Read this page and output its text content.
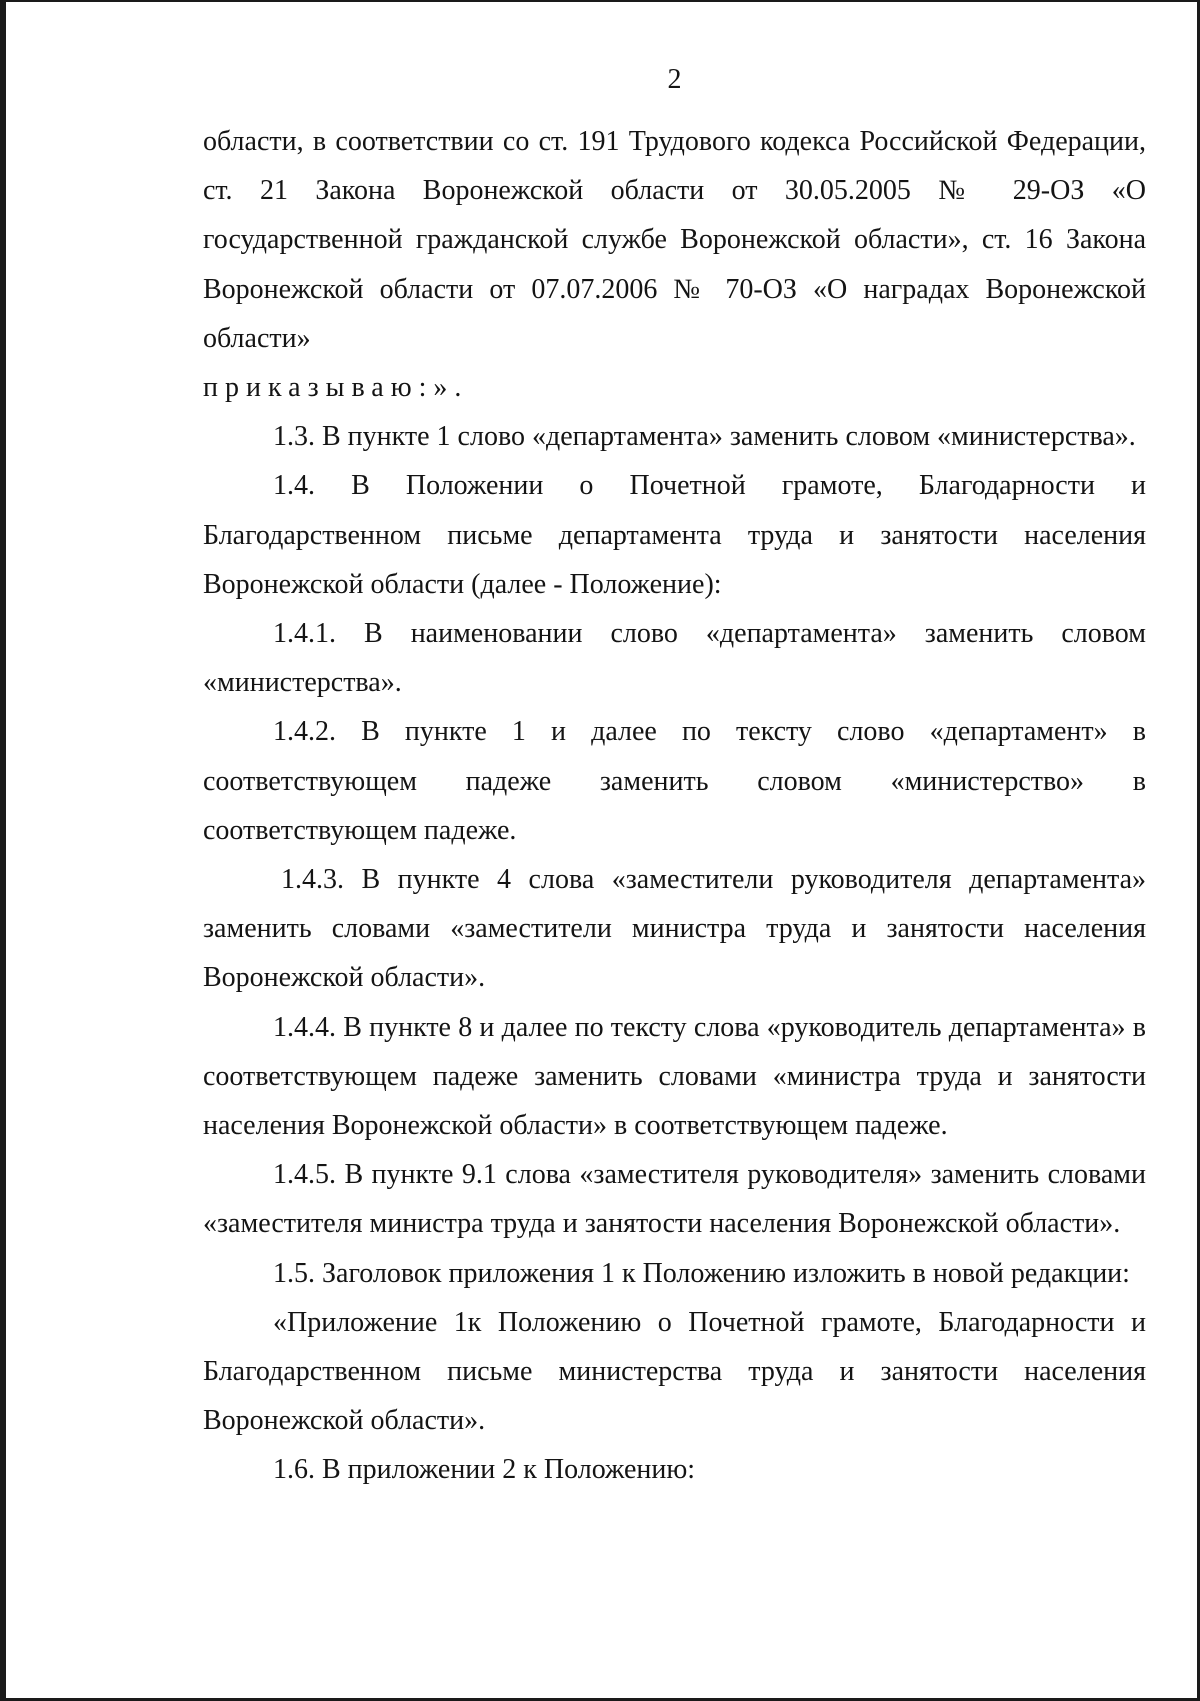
2

области, в соответствии со ст. 191 Трудового кодекса Российской Федерации, ст. 21 Закона Воронежской области от 30.05.2005 № 29-ОЗ «О государственной гражданской службе Воронежской области», ст. 16 Закона Воронежской области от 07.07.2006 № 70-ОЗ «О наградах Воронежской области»

приказываю:».

1.3. В пункте 1 слово «департамента» заменить словом «министерства».

1.4. В Положении о Почетной грамоте, Благодарности и Благодарственном письме департамента труда и занятости населения Воронежской области (далее - Положение):

1.4.1. В наименовании слово «департамента» заменить словом «министерства».

1.4.2. В пункте 1 и далее по тексту слово «департамент» в соответствующем падеже заменить словом «министерство» в соответствующем падеже.

1.4.3. В пункте 4 слова «заместители руководителя департамента» заменить словами «заместители министра труда и занятости населения Воронежской области».

1.4.4. В пункте 8 и далее по тексту слова «руководитель департамента» в соответствующем падеже заменить словами «министра труда и занятости населения Воронежской области» в соответствующем падеже.

1.4.5. В пункте 9.1 слова «заместителя руководителя» заменить словами «заместителя министра труда и занятости населения Воронежской области».

1.5. Заголовок приложения 1 к Положению изложить в новой редакции:

«Приложение 1к Положению о Почетной грамоте, Благодарности и Благодарственном письме министерства труда и занятости населения Воронежской области».

1.6. В приложении 2 к Положению:
